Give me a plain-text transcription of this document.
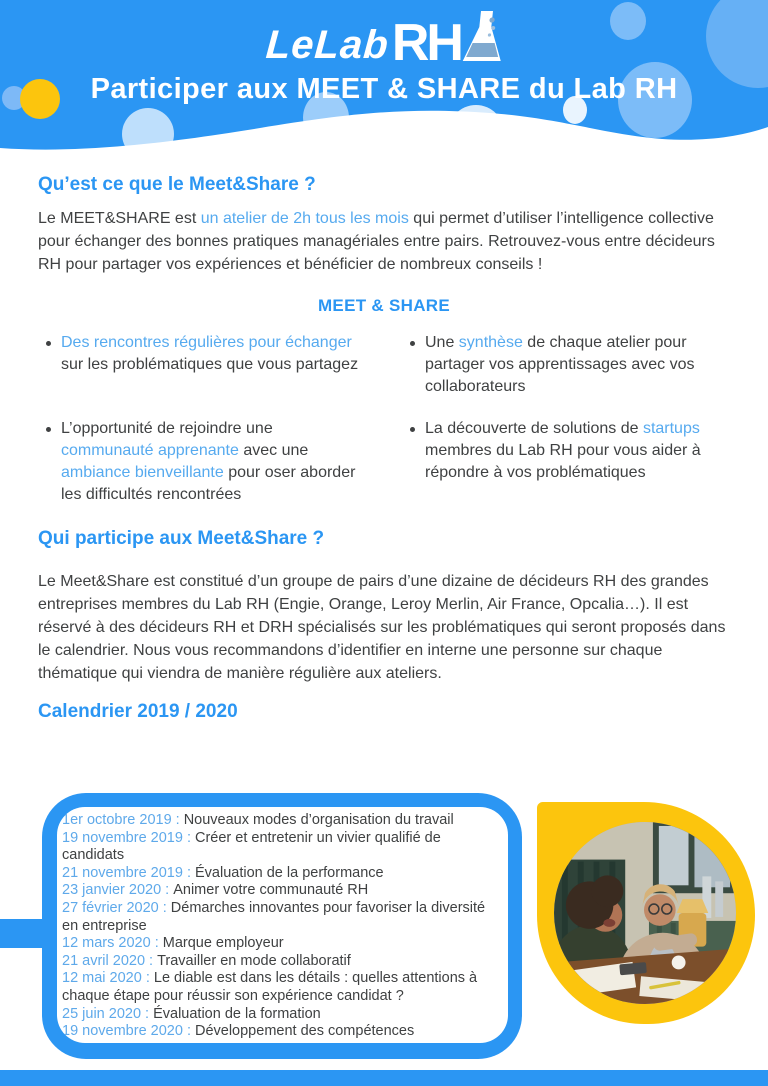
LeLab RH
Participer aux MEET & SHARE du Lab RH
Qu’est ce que le Meet&Share ?

Le MEET&SHARE est un atelier de 2h tous les mois qui permet d’utiliser l’intelligence collective pour échanger des bonnes pratiques managériales entre pairs. Retrouvez-vous entre décideurs RH pour partager vos expériences et bénéficier de nombreux conseils !

MEET & SHARE
Des rencontres régulières pour échanger sur les problématiques que vous partagez
Une synthèse de chaque atelier pour partager vos apprentissages avec vos collaborateurs
L’opportunité de rejoindre une communauté apprenante avec une ambiance bienveillante pour oser aborder les difficultés rencontrées
La découverte de solutions de startups membres du Lab RH pour vous aider à répondre à vos problématiques
Qui participe aux Meet&Share ?

Le Meet&Share est constitué d’un groupe de pairs d’une dizaine de décideurs RH des grandes entreprises membres du Lab RH (Engie, Orange, Leroy Merlin, Air France, Opcalia…). Il est réservé à des décideurs RH et DRH spécialisés sur les problématiques qui seront proposés dans le calendrier. Nous vous recommandons d’identifier en interne une personne sur chaque thématique qui viendra de manière régulière aux ateliers.

Calendrier 2019 / 2020
1er octobre 2019 : Nouveaux modes d’organisation du travail
19 novembre 2019 : Créer et entretenir un vivier qualifié de candidats
21 novembre 2019 : Évaluation de la performance
23 janvier 2020 : Animer votre communauté RH
27 février 2020 : Démarches innovantes pour favoriser la diversité en entreprise
12 mars 2020 : Marque employeur
21 avril 2020 : Travailler en mode collaboratif
12 mai 2020 : Le diable est dans les détails : quelles attentions à chaque étape pour réussir son expérience candidat ?
25 juin 2020 : Évaluation de la formation
19 novembre 2020 : Développement des compétences
